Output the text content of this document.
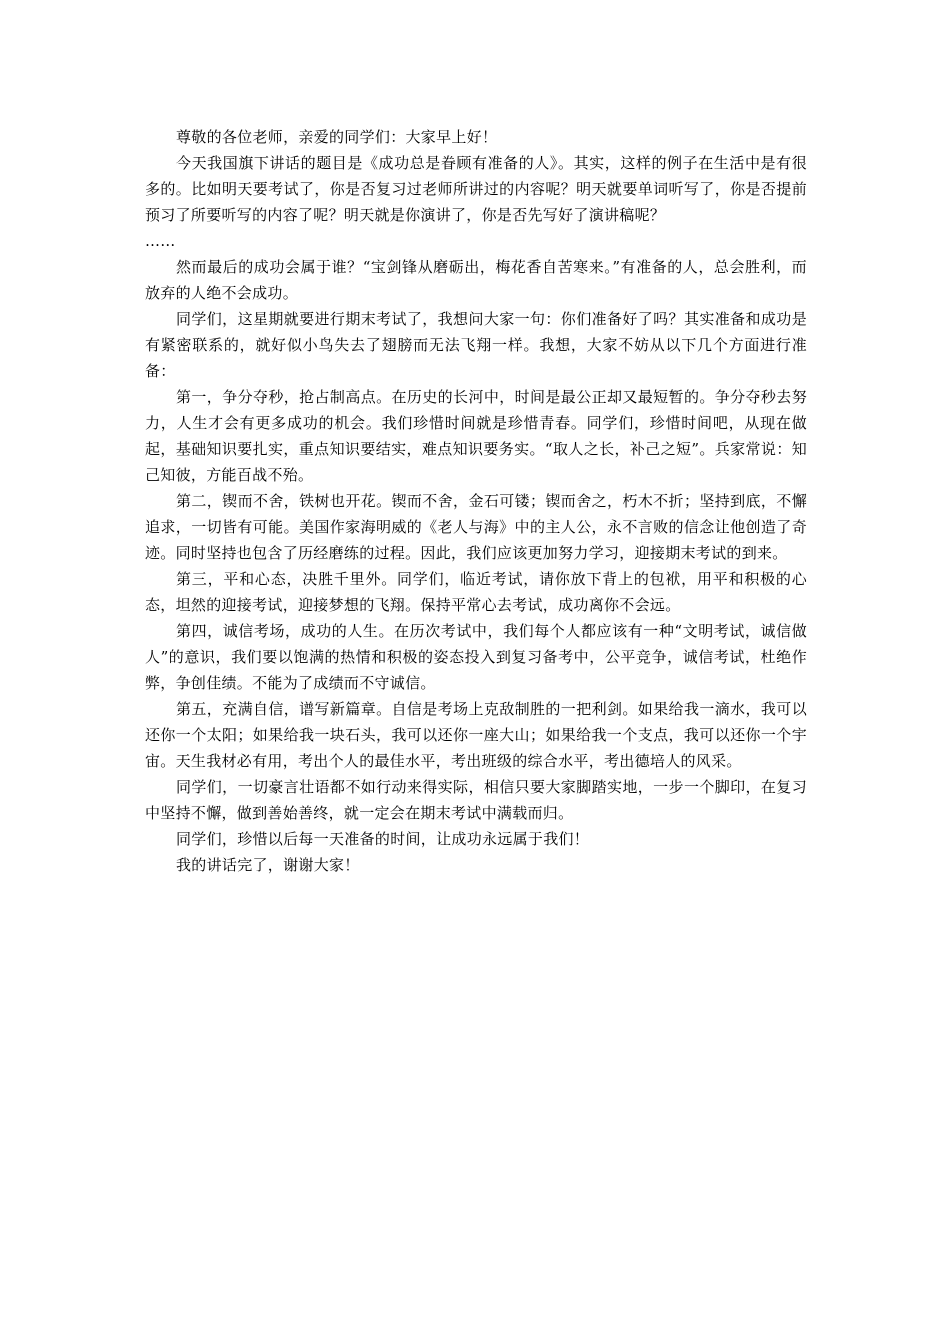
尊敬的各位老师，亲爱的同学们：大家早上好！

今天我国旗下讲话的题目是《成功总是眷顾有准备的人》。其实，这样的例子在生活中是有很多的。比如明天要考试了，你是否复习过老师所讲过的内容呢？明天就要单词听写了，你是否提前预习了所要听写的内容了呢？明天就是你演讲了，你是否先写好了演讲稿呢？

……

然而最后的成功会属于谁？“宝剑锋从磨砺出，梅花香自苦寒来。”有准备的人，总会胜利，而放弃的人绝不会成功。

同学们，这星期就要进行期末考试了，我想问大家一句：你们准备好了吗？其实准备和成功是有紧密联系的，就好似小鸟失去了翅膀而无法飞翔一样。我想，大家不妨从以下几个方面进行准备：

第一，争分夺秒，抢占制高点。在历史的长河中，时间是最公正却又最短暂的。争分夺秒去努力，人生才会有更多成功的机会。我们珍惜时间就是珍惜青春。同学们，珍惜时间吧，从现在做起，基础知识要扎实，重点知识要结实，难点知识要务实。“取人之长，补己之短”。兵家常说：知己知彼，方能百战不殆。

第二，锲而不舍，铁树也开花。锲而不舍，金石可镂；锲而舍之，朽木不折；坚持到底，不懈追求，一切皆有可能。美国作家海明威的《老人与海》中的主人公，永不言败的信念让他创造了奇迹。同时坚持也包含了历经磨练的过程。因此，我们应该更加努力学习，迎接期末考试的到来。

第三，平和心态，决胜千里外。同学们，临近考试，请你放下背上的包袱，用平和积极的心态，坦然的迎接考试，迎接梦想的飞翔。保持平常心去考试，成功离你不会远。

第四，诚信考场，成功的人生。在历次考试中，我们每个人都应该有一种“文明考试，诚信做人”的意识，我们要以饱满的热情和积极的姿态投入到复习备考中，公平竞争，诚信考试，杜绝作弊，争创佳绩。不能为了成绩而不守诚信。

第五，充满自信，谱写新篇章。自信是考场上克敌制胜的一把利剑。如果给我一滴水，我可以还你一个太阳；如果给我一块石头，我可以还你一座大山；如果给我一个支点，我可以还你一个宇宙。天生我材必有用，考出个人的最佳水平，考出班级的综合水平，考出德培人的风采。

同学们，一切豪言壮语都不如行动来得实际，相信只要大家脚踏实地，一步一个脚印，在复习中坚持不懈，做到善始善终，就一定会在期末考试中满载而归。

同学们，珍惜以后每一天准备的时间，让成功永远属于我们！

我的讲话完了，谢谢大家！
